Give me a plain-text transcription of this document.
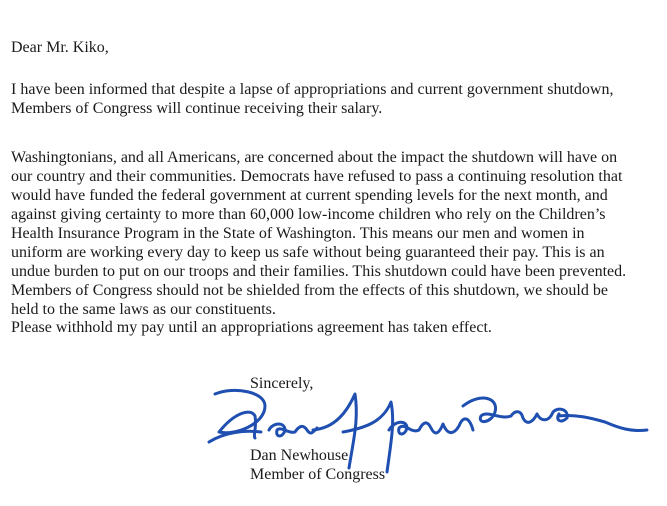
Dear Mr. Kiko,
I have been informed that despite a lapse of appropriations and current government shutdown,
Members of Congress will continue receiving their salary.
Washingtonians, and all Americans, are concerned about the impact the shutdown will have on
our country and their communities. Democrats have refused to pass a continuing resolution that
would have funded the federal government at current spending levels for the next month, and
against giving certainty to more than 60,000 low-income children who rely on the Children’s
Health Insurance Program in the State of Washington. This means our men and women in
uniform are working every day to keep us safe without being guaranteed their pay. This is an
undue burden to put on our troops and their families. This shutdown could have been prevented.
Members of Congress should not be shielded from the effects of this shutdown, we should be
held to the same laws as our constituents.
Please withhold my pay until an appropriations agreement has taken effect.
Sincerely,
Dan Newhouse
Member of Congress
